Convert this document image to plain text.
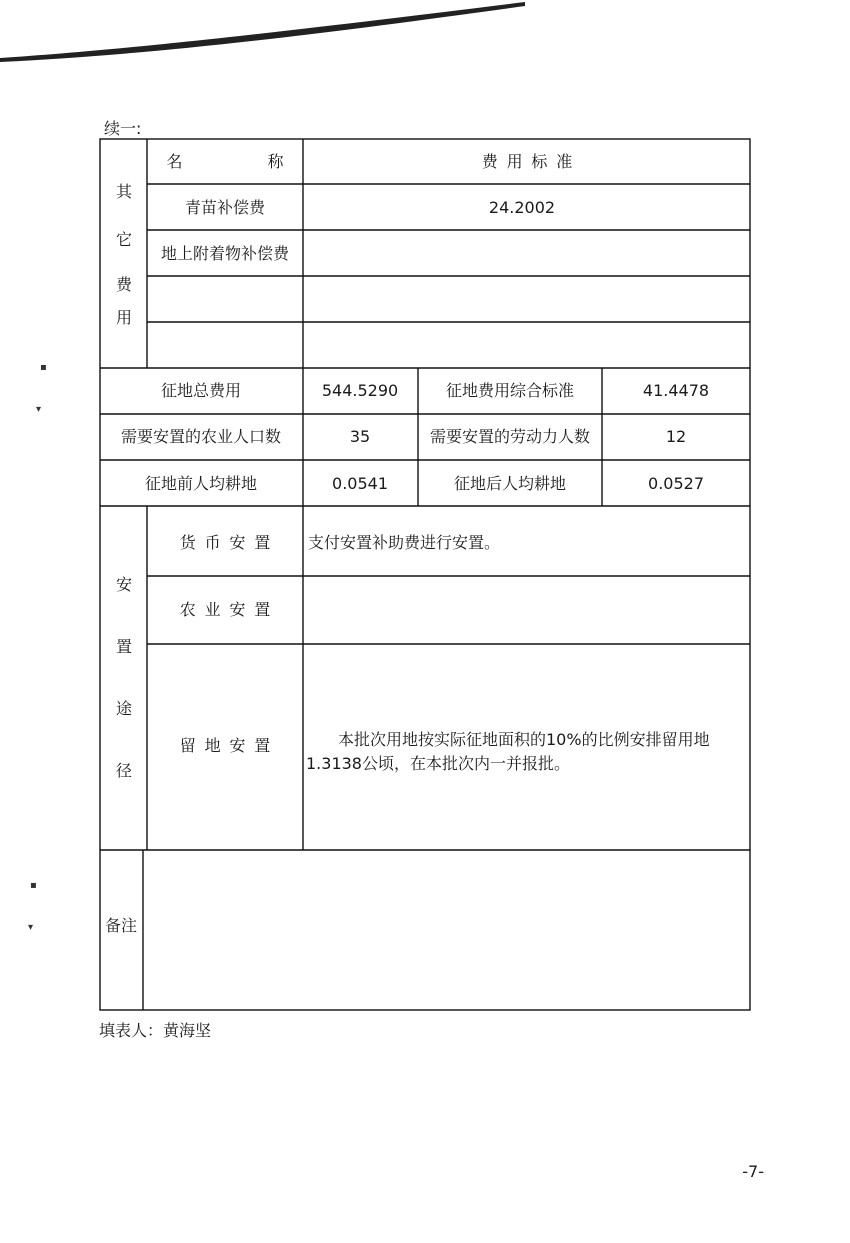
续一:
其
它
费
用
名 称	费用标准
青苗补偿费	24.2002
地上附着物补偿费
征地总费用	544.5290	征地费用综合标准	41.4478
需要安置的农业人口数	35	需要安置的劳动力人数	12
征地前人均耕地	0.0541	征地后人均耕地	0.0527
安
置
途
径
货币安置 支付安置补助费进行安置。
农业安置
留地安置	本批次用地按实际征地面积的10%的比例安排留用地1.3138公顷，在本批次内一并报批。
备注
填表人：黄海坚
-7-
▪
▾
▪
▾
